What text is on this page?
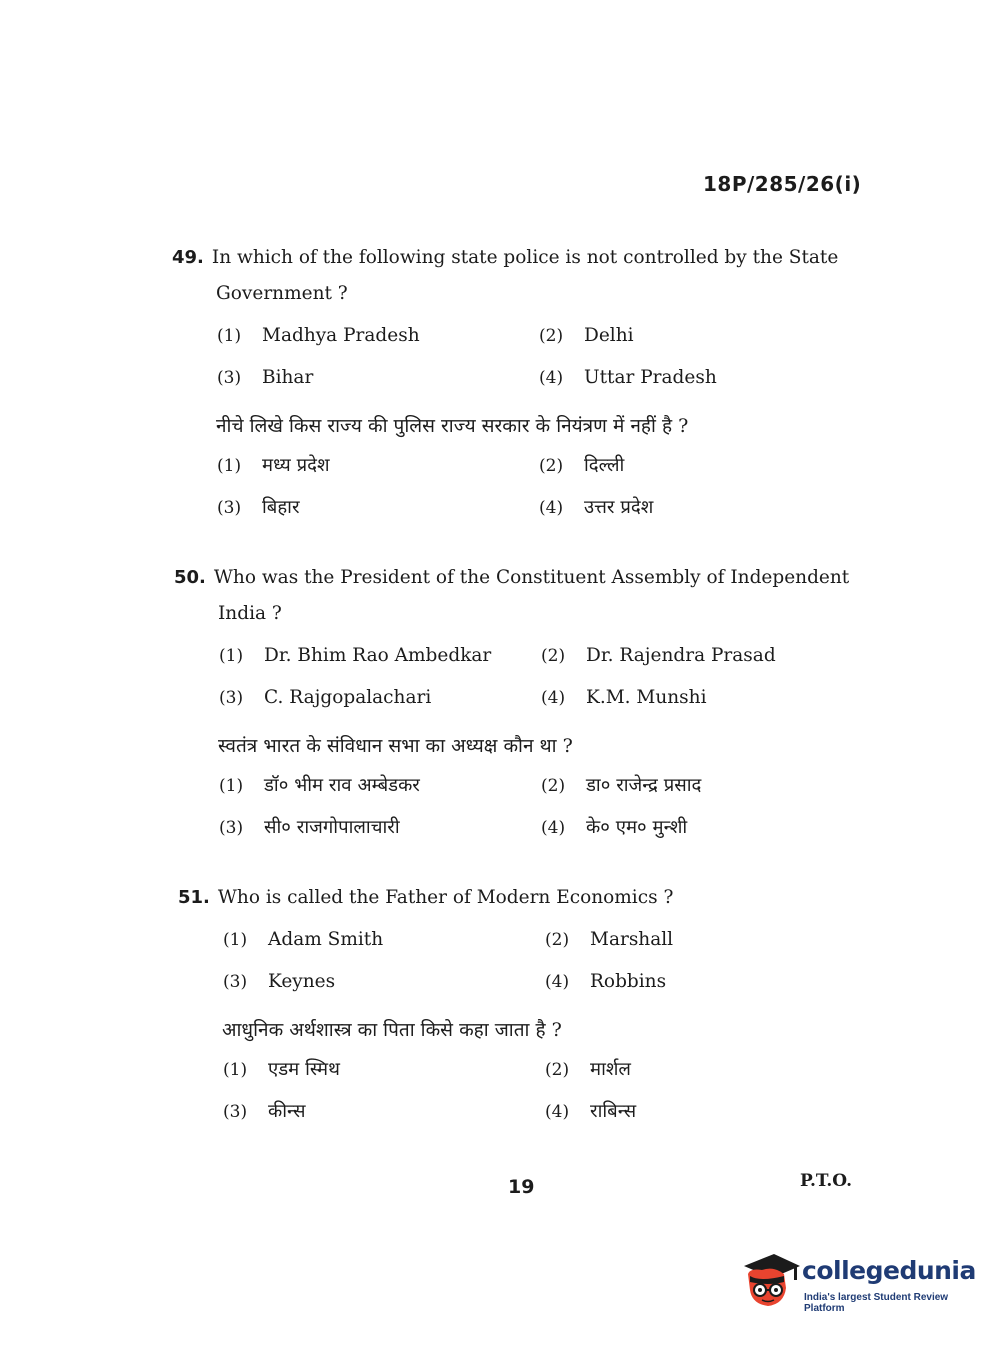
18P/285/26(i)
49. In which of the following state police is not controlled by the State
Government ?
(1) Madhya Pradesh	(2) Delhi
(3) Bihar	(4) Uttar Pradesh
नीचे लिखे किस राज्य की पुलिस राज्य सरकार के नियंत्रण में नहीं है ?
(1) मध्य प्रदेश	(2) दिल्ली
(3) बिहार	(4) उत्तर प्रदेश
50. Who was the President of the Constituent Assembly of Independent
India ?
(1) Dr. Bhim Rao Ambedkar	(2) Dr. Rajendra Prasad
(3) C. Rajgopalachari	(4) K.M. Munshi
स्वतंत्र भारत के संविधान सभा का अध्यक्ष कौन था ?
(1) डॉ० भीम राव अम्बेडकर	(2) डा० राजेन्द्र प्रसाद
(3) सी० राजगोपालाचारी	(4) के० एम० मुन्शी
51. Who is called the Father of Modern Economics ?
(1) Adam Smith	(2) Marshall
(3) Keynes	(4) Robbins
आधुनिक अर्थशास्त्र का पिता किसे कहा जाता है ?
(1) एडम स्मिथ	(2) मार्शल
(3) कीन्स	(4) राबिन्स
19	P.T.O.
collegedunia
India's largest Student Review Platform
